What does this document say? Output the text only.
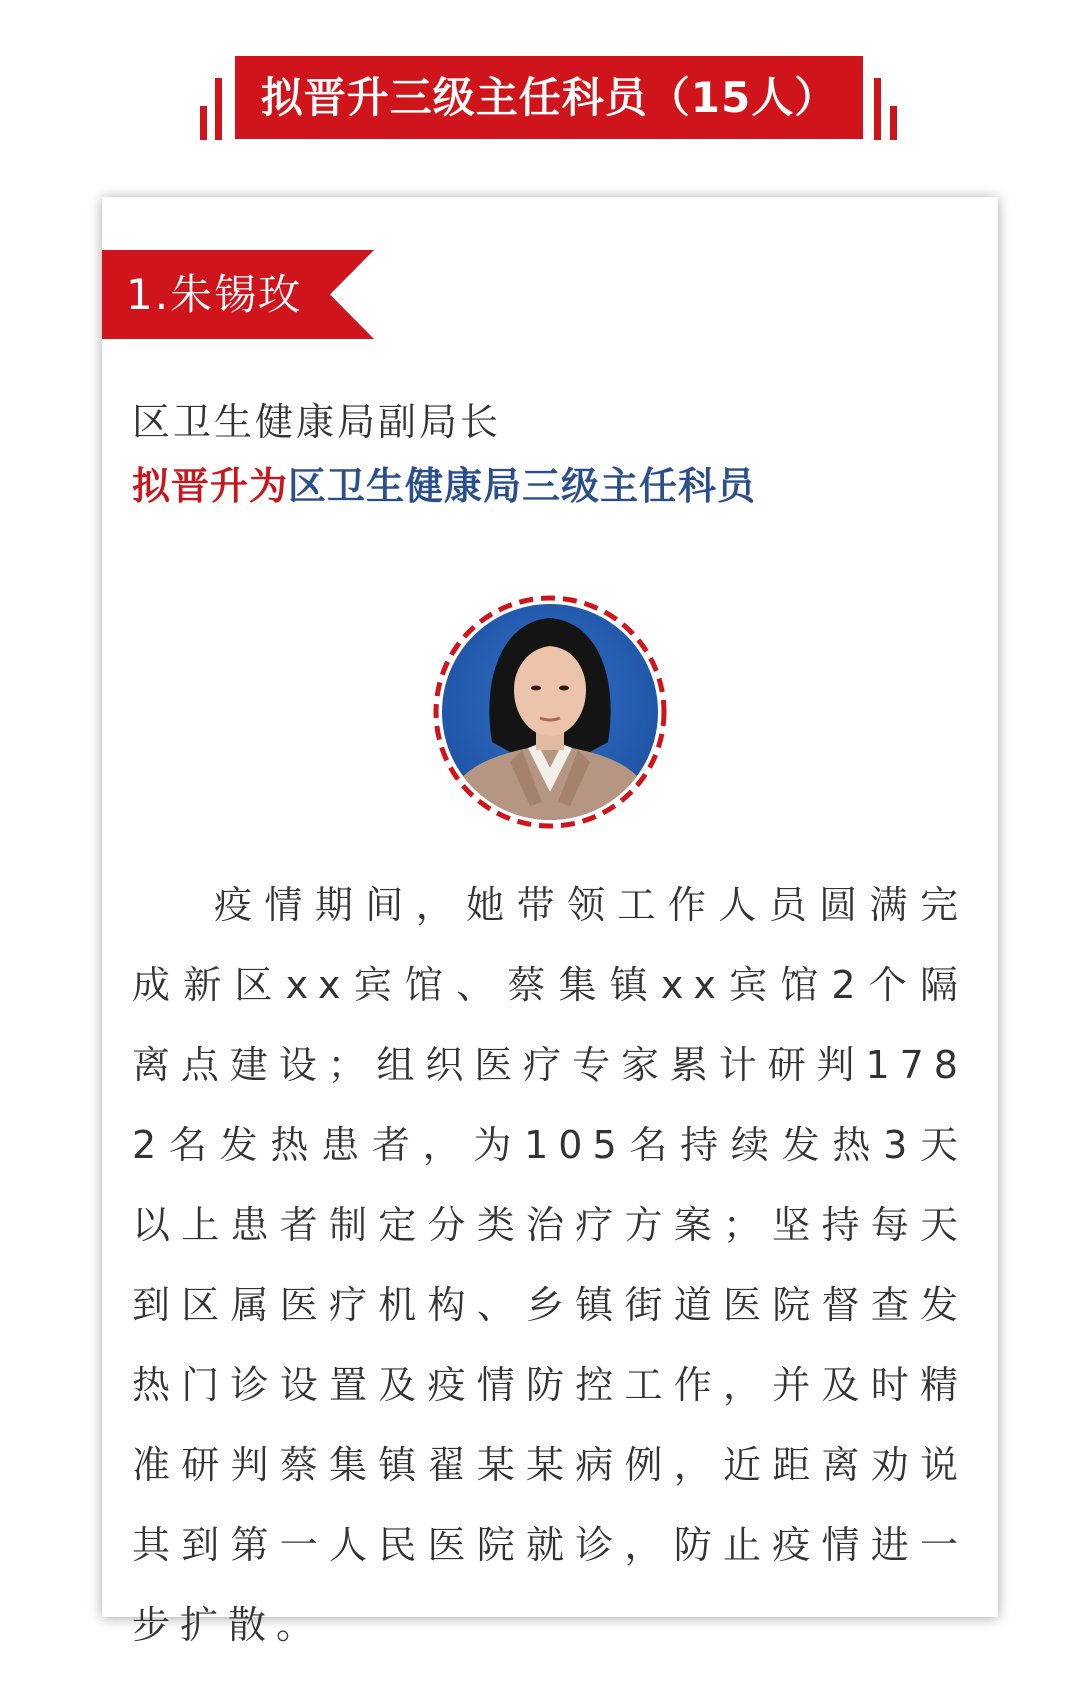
拟晋升三级主任科员（15人）
1.朱锡玫
区卫生健康局副局长
拟晋升为区卫生健康局三级主任科员
疫情期间，她带领工作人员圆满完成新区xx宾馆、蔡集镇xx宾馆2个隔离点建设；组织医疗专家累计研判1782名发热患者，为105名持续发热3天以上患者制定分类治疗方案；坚持每天到区属医疗机构、乡镇街道医院督查发热门诊设置及疫情防控工作，并及时精准研判蔡集镇翟某某病例，近距离劝说其到第一人民医院就诊，防止疫情进一步扩散。
